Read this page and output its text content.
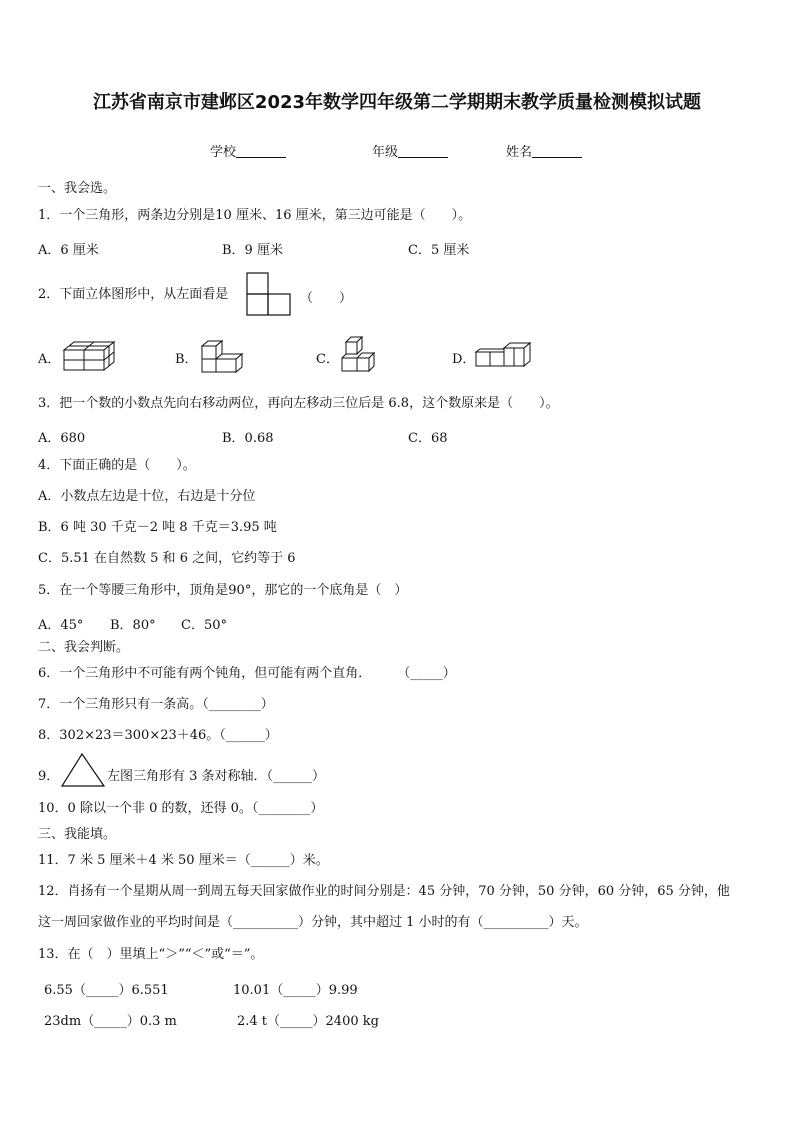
江苏省南京市建邺区2023年数学四年级第二学期期末教学质量检测模拟试题
学校	年级	姓名
一、我会选。
1．一个三角形，两条边分别是10 厘米、16 厘米，第三边可能是（　　）。
A．6 厘米	B．9 厘米	C．5 厘米
2．下面立体图形中，从左面看是	（　　）
A．	B．	C．	D．
3．把一个数的小数点先向右移动两位，再向左移动三位后是 6.8，这个数原来是（　　）。
A．680	B．0.68	C．68
4．下面正确的是（　　）。
A．小数点左边是十位，右边是十分位
B．6 吨 30 千克－2 吨 8 千克＝3.95 吨
C．5.51 在自然数 5 和 6 之间，它约等于 6
5．在一个等腰三角形中，顶角是90°，那它的一个底角是（　）
A．45° B．80° C．50°
二、我会判断。
6．一个三角形中不可能有两个钝角，但可能有两个直角．　　　（_____）
7．一个三角形只有一条高。（________）
8．302×23＝300×23＋46。（______）
9．	左图三角形有 3 条对称轴．（______）
10．0 除以一个非 0 的数，还得 0。（________）
三、我能填。
11．7 米 5 厘米＋4 米 50 厘米＝（______）米。
12．肖扬有一个星期从周一到周五每天回家做作业的时间分别是：45 分钟，70 分钟，50 分钟，60 分钟，65 分钟，他
这一周回家做作业的平均时间是（__________）分钟，其中超过 1 小时的有（__________）天。
13．在（　）里填上“＞”“＜”或“＝”。
6.55（_____）6.551	10.01（_____）9.99
23dm（_____）0.3 m	2.4 t（_____）2400 kg
